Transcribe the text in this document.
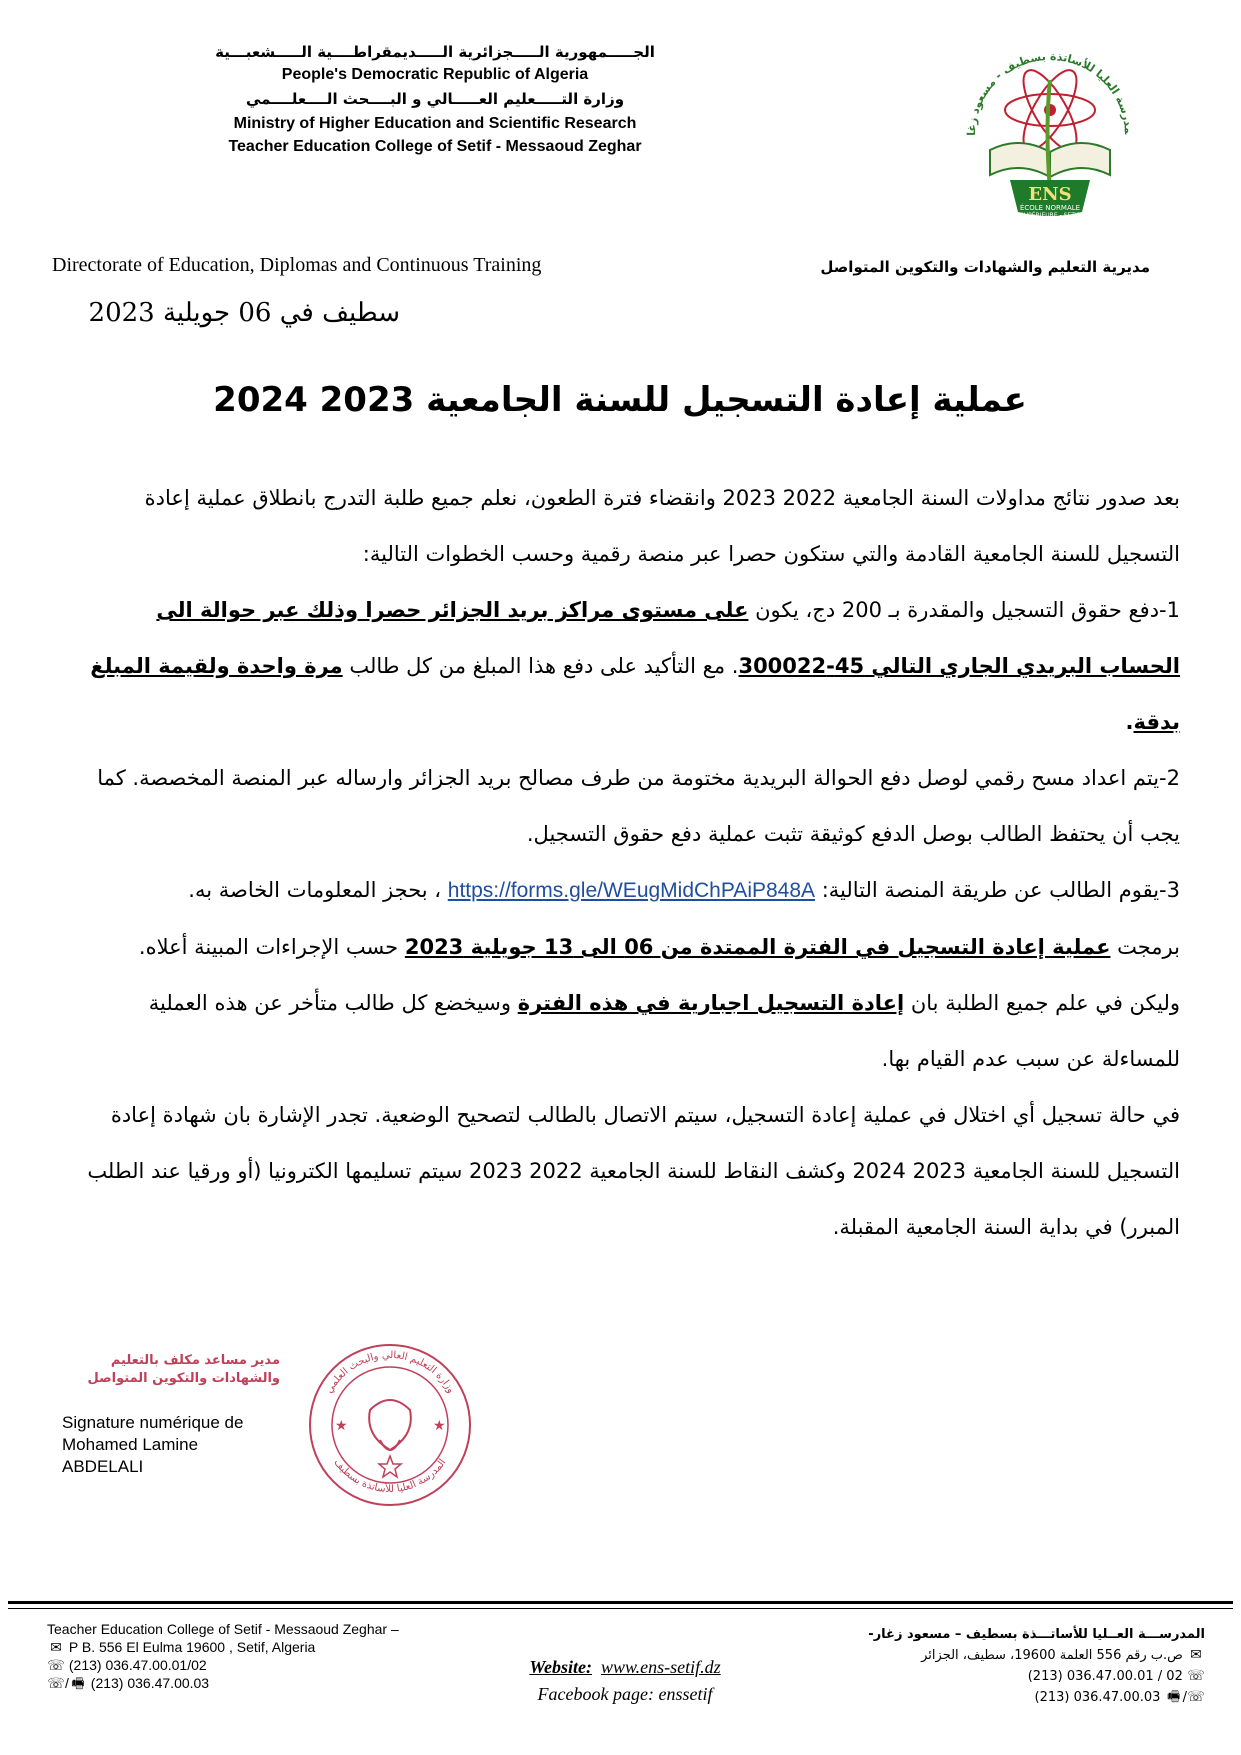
الجـــــمهورية الـــــجزائرية الـــــديمقراطــــية الـــــشعبـــية
People's Democratic Republic of Algeria
وزارة التـــــعليم العـــــالي و البــــحث الــــعلــــمي
Ministry of Higher Education and Scientific Research
Teacher Education College of Setif - Messaoud Zeghar
مدرسة العليا للأساتذة بسطيف - مسعود زغا
ENS
ÉCOLE NORMALE
SUPÉRIEURE - SETIF
Directorate of Education, Diplomas and Continuous Training	مديرية التعليم والشهادات والتكوين المتواصل
سطيف في 06 جويلية 2023
عملية إعادة التسجيل للسنة الجامعية 2023 2024

بعد صدور نتائج مداولات السنة الجامعية 2022 2023 وانقضاء فترة الطعون، نعلم جميع طلبة التدرج بانطلاق عملية إعادة التسجيل للسنة الجامعية القادمة والتي ستكون حصرا عبر منصة رقمية وحسب الخطوات التالية:

1-دفع حقوق التسجيل والمقدرة بـ 200 دج، يكون على مستوى مراكز بريد الجزائر حصرا وذلك عبر حوالة الى الحساب البريدي الجاري التالي 45-300022. مع التأكيد على دفع هذا المبلغ من كل طالب مرة واحدة ولقيمة المبلغ بدقة.

2-يتم اعداد مسح رقمي لوصل دفع الحوالة البريدية مختومة من طرف مصالح بريد الجزائر وارساله عبر المنصة المخصصة. كما يجب أن يحتفظ الطالب بوصل الدفع كوثيقة تثبت عملية دفع حقوق التسجيل.

3-يقوم الطالب عن طريقة المنصة التالية: https://forms.gle/WEugMidChPAiP848A ، بحجز المعلومات الخاصة به.

برمجت عملية إعادة التسجيل في الفترة الممتدة من 06 الى 13 جويلية 2023 حسب الإجراءات المبينة أعلاه.

وليكن في علم جميع الطلبة بان إعادة التسجيل اجبارية في هذه الفترة وسيخضع كل طالب متأخر عن هذه العملية للمساءلة عن سبب عدم القيام بها.

في حالة تسجيل أي اختلال في عملية إعادة التسجيل، سيتم الاتصال بالطالب لتصحيح الوضعية. تجدر الإشارة بان شهادة إعادة التسجيل للسنة الجامعية 2023 2024 وكشف النقاط للسنة الجامعية 2022 2023 سيتم تسليمها الكترونيا (أو ورقيا عند الطلب المبرر) في بداية السنة الجامعية المقبلة.

مدير مساعد مكلف بالتعليم
والشهادات والتكوين المتواصل
Signature numérique de
Mohamed Lamine
ABDELALI
وزارة التعليم العالي والبحث العلمي
المدرسة العليا للأساتذة بسطيف
★	★
Teacher Education College of Setif - Messaoud Zeghar –
✉ P B. 556 El Eulma 19600 , Setif, Algeria
☏ (213) 036.47.00.01/02
☏/ 🖷 (213) 036.47.00.03
Website: www.ens-setif.dz
Facebook page: enssetif
المدرســـة العــليا للأساتـــذة بسطيف – مسعود زغار-
✉ ص.ب رقم 556 العلمة 19600، سطيف، الجزائر
☏ (213) 036.47.00.01 / 02
☏/🖷 (213) 036.47.00.03
